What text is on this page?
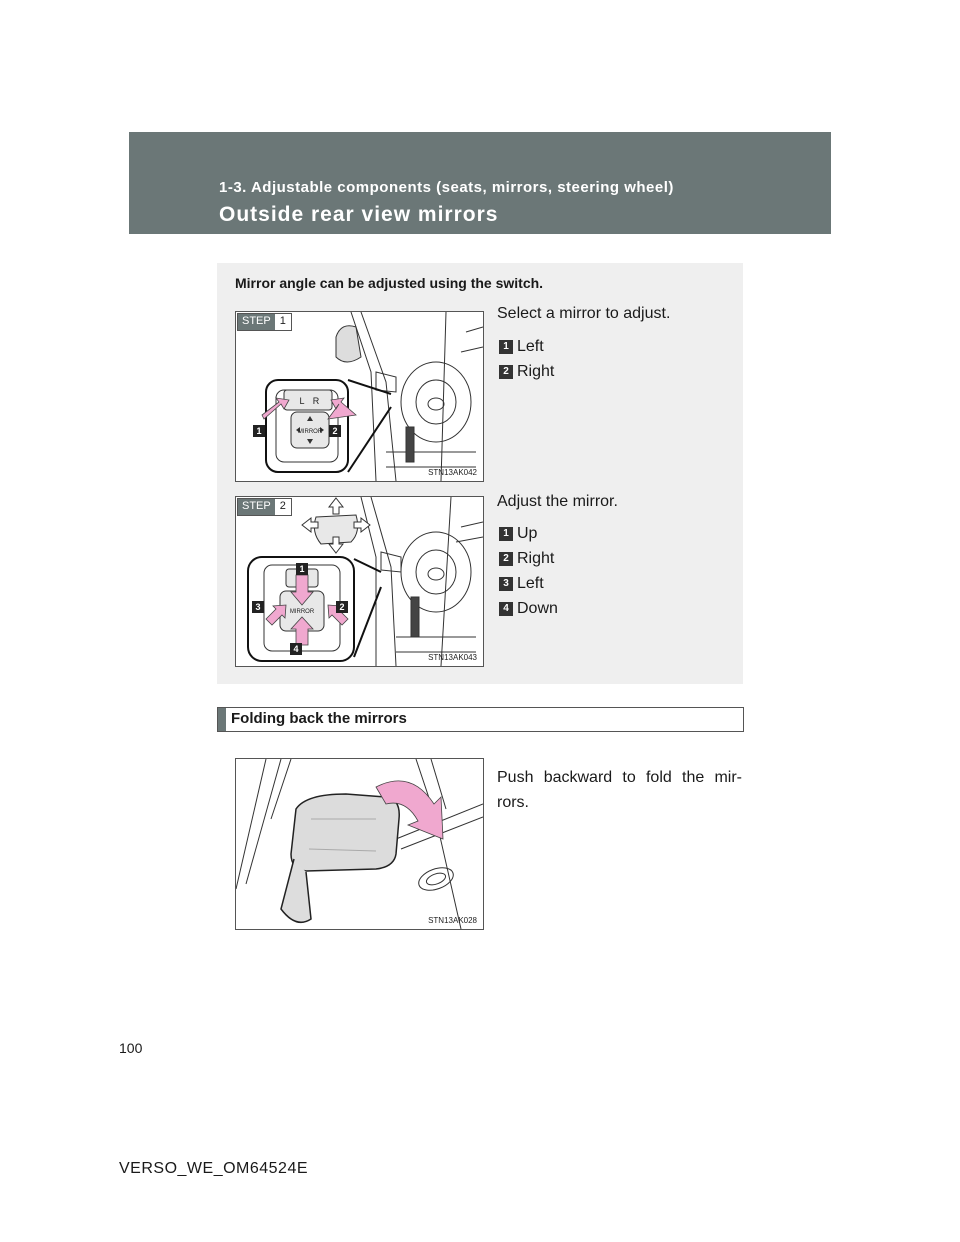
1-3. Adjustable components (seats, mirrors, steering wheel)
Outside rear view mirrors
Mirror angle can be adjusted using the switch.
1	2
L R
MIRROR
STEP 1
STN13AK042
Select a mirror to adjust.
1 Left
2 Right
1
2
3
4
MIRROR
STEP 2
STN13AK043
Adjust the mirror.
1 Up
2 Right
3 Left
4 Down
Folding back the mirrors
STN13AK028
Push backward to fold the mir-rors.
100
VERSO_WE_OM64524E
